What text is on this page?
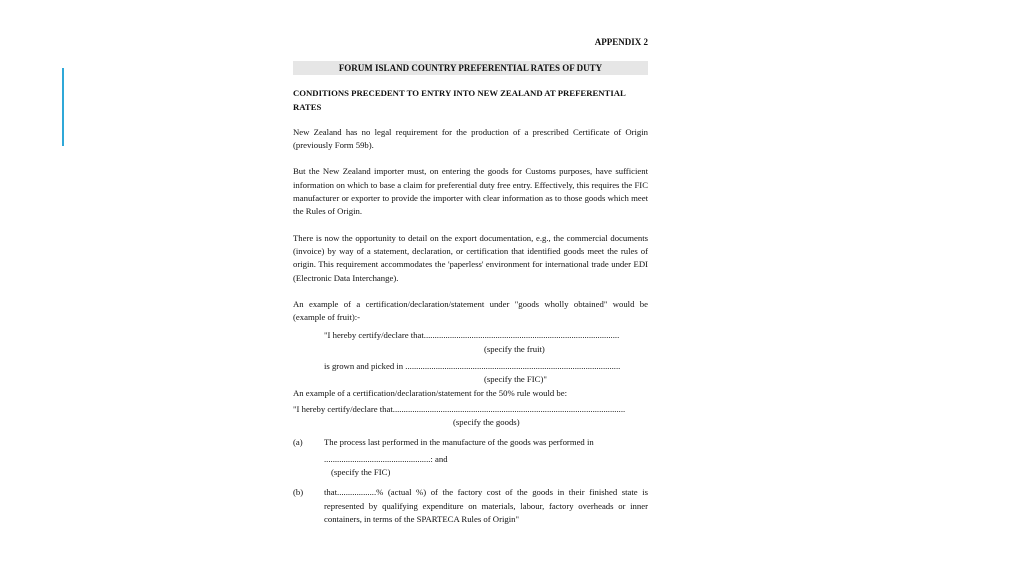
APPENDIX 2
FORUM ISLAND COUNTRY PREFERENTIAL RATES OF DUTY
CONDITIONS PRECEDENT TO ENTRY INTO NEW ZEALAND AT PREFERENTIAL RATES

New Zealand has no legal requirement for the production of a prescribed Certificate of Origin (previously Form 59b).

But the New Zealand importer must, on entering the goods for Customs purposes, have sufficient information on which to base a claim for preferential duty free entry. Effectively, this requires the FIC manufacturer or exporter to provide the importer with clear information as to those goods which meet the Rules of Origin.

There is now the opportunity to detail on the export documentation, e.g., the commercial documents (invoice) by way of a statement, declaration, or certification that identified goods meet the rules of origin. This requirement accommodates the 'paperless' environment for international trade under EDI (Electronic Data Interchange).

An example of a certification/declaration/statement under "goods wholly obtained" would be (example of fruit):-

"I hereby certify/declare that..........................................................................................
(specify the fruit)
is grown and picked in ...................................................................................................
(specify the FIC)"
An example of a certification/declaration/statement for the 50% rule would be:
"I hereby certify/declare that...........................................................................................................
(specify the goods)
(a)	The process last performed in the manufacture of the goods was performed in
.................................................: and
(specify the FIC)
(b)	that..................% (actual %) of the factory cost of the goods in their finished state is represented by qualifying expenditure on materials, labour, factory overheads or inner containers, in terms of the SPARTECA Rules of Origin"
